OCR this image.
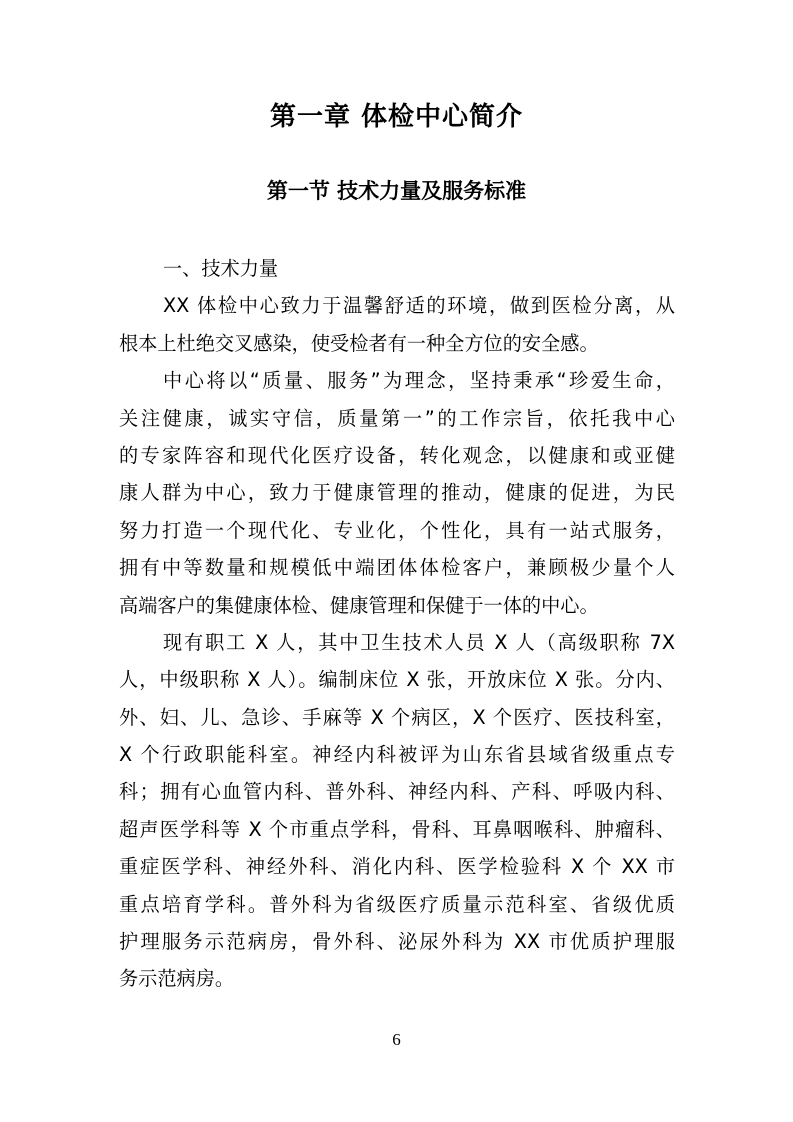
第一章 体检中心简介
第一节 技术力量及服务标准
一、技术力量
XX 体检中心致力于温馨舒适的环境，做到医检分离，从
根本上杜绝交叉感染，使受检者有一种全方位的安全感。
中心将以“质量、服务”为理念，坚持秉承“珍爱生命，
关注健康，诚实守信，质量第一”的工作宗旨，依托我中心
的专家阵容和现代化医疗设备，转化观念，以健康和或亚健
康人群为中心，致力于健康管理的推动，健康的促进，为民
努力打造一个现代化、专业化，个性化，具有一站式服务，
拥有中等数量和规模低中端团体体检客户，兼顾极少量个人
高端客户的集健康体检、健康管理和保健于一体的中心。
现有职工 X 人，其中卫生技术人员 X 人（高级职称 7X
人，中级职称 X 人）。编制床位 X 张，开放床位 X 张。分内、
外、妇、儿、急诊、手麻等 X 个病区，X 个医疗、医技科室，
X 个行政职能科室。神经内科被评为山东省县域省级重点专
科；拥有心血管内科、普外科、神经内科、产科、呼吸内科、
超声医学科等 X 个市重点学科，骨科、耳鼻咽喉科、肿瘤科、
重症医学科、神经外科、消化内科、医学检验科 X 个 XX 市
重点培育学科。普外科为省级医疗质量示范科室、省级优质
护理服务示范病房，骨外科、泌尿外科为 XX 市优质护理服
务示范病房。
6
